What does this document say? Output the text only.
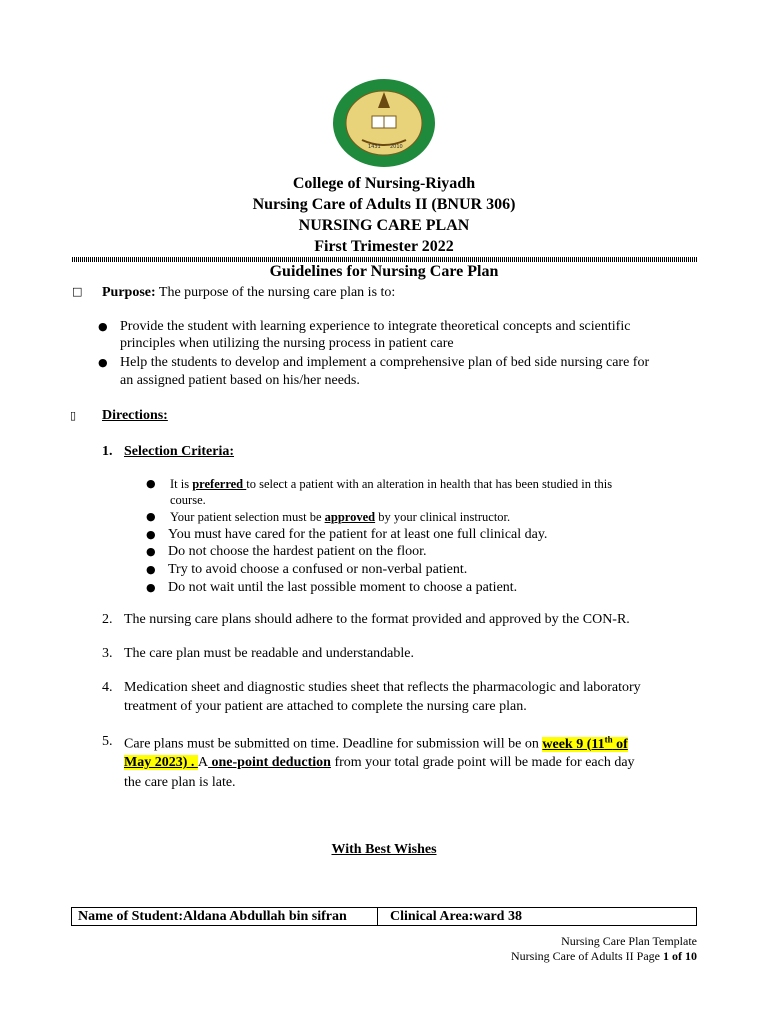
1431 2010
College of Nursing-Riyadh
Nursing Care of Adults II (BNUR 306)
NURSING CARE PLAN
First Trimester 2022
Guidelines for Nursing Care Plan
□ Purpose: The purpose of the nursing care plan is to:
● Provide the student with learning experience to integrate theoretical concepts and scientific
principles when utilizing the nursing process in patient care
● Help the students to develop and implement a comprehensive plan of bed side nursing care for
an assigned patient based on his/her needs.
▯ Directions:
1. Selection Criteria:
● It is preferred to select a patient with an alteration in health that has been studied in this
course.
● Your patient selection must be approved by your clinical instructor.
● You must have cared for the patient for at least one full clinical day.
● Do not choose the hardest patient on the floor.
● Try to avoid choose a confused or non-verbal patient.
● Do not wait until the last possible moment to choose a patient.
2. The nursing care plans should adhere to the format provided and approved by the CON-R.
3. The care plan must be readable and understandable.
4. Medication sheet and diagnostic studies sheet that reflects the pharmacologic and laboratory
treatment of your patient are attached to complete the nursing care plan.
5. Care plans must be submitted on time. Deadline for submission will be on week 9 (11th of
May 2023) . A one-point deduction from your total grade point will be made for each day
the care plan is late.
With Best Wishes
Name of Student:Aldana Abdullah bin sifran	Clinical Area:ward 38
Nursing Care Plan Template
Nursing Care of Adults II Page 1 of 10
